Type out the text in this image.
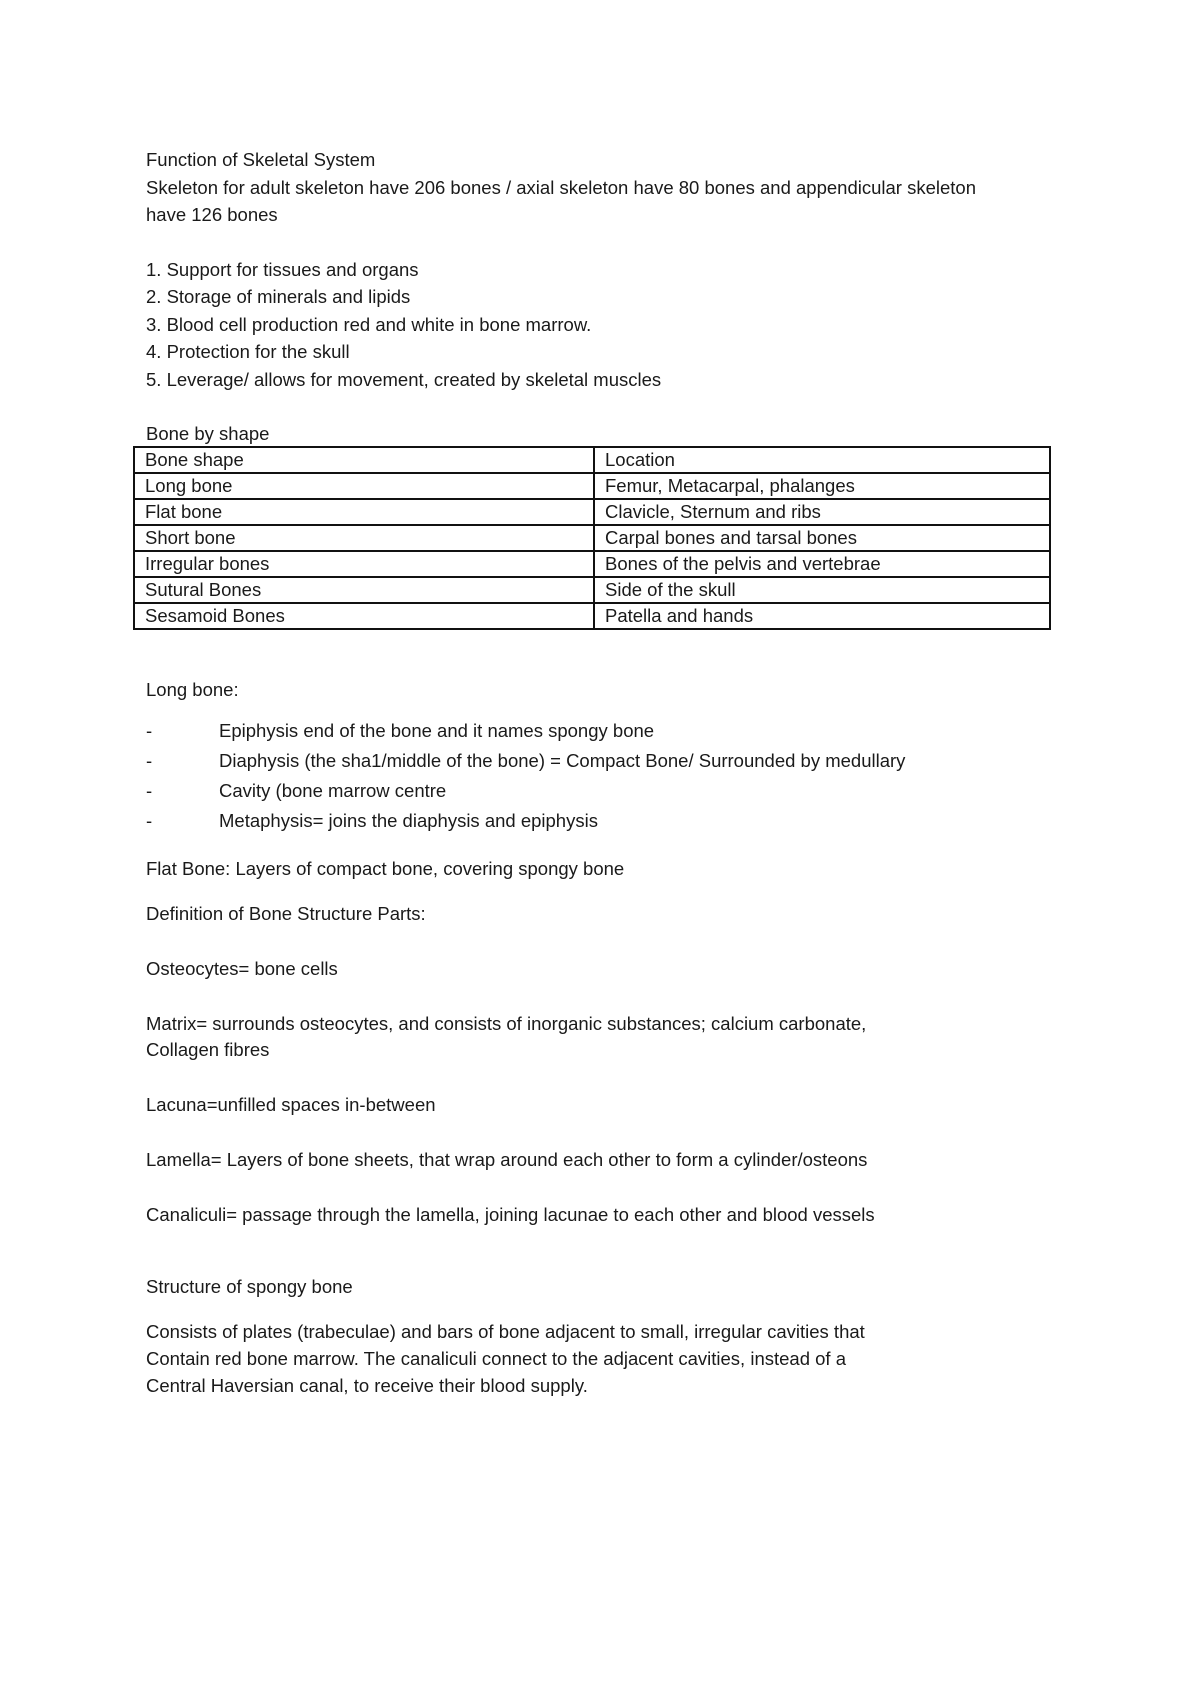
Function of Skeletal System
Skeleton for adult skeleton have 206 bones / axial skeleton have 80 bones and appendicular skeleton
have 126 bones
1. Support for tissues and organs
2. Storage of minerals and lipids
3. Blood cell production red and white in bone marrow.
4. Protection for the skull
5. Leverage/ allows for movement, created by skeletal muscles
Bone by shape
Bone shape	Location
Long bone	Femur, Metacarpal, phalanges
Flat bone	Clavicle, Sternum and ribs
Short bone	Carpal bones and tarsal bones
Irregular bones	Bones of the pelvis and vertebrae
Sutural Bones	Side of the skull
Sesamoid Bones	Patella and hands
Long bone:
-	Epiphysis end of the bone and it names spongy bone
-	Diaphysis (the sha1/middle of the bone) = Compact Bone/ Surrounded by medullary
-	Cavity (bone marrow centre
-	Metaphysis= joins the diaphysis and epiphysis
Flat Bone: Layers of compact bone, covering spongy bone
Definition of Bone Structure Parts:
Osteocytes= bone cells
Matrix= surrounds osteocytes, and consists of inorganic substances; calcium carbonate,
Collagen fibres
Lacuna=unfilled spaces in-between
Lamella= Layers of bone sheets, that wrap around each other to form a cylinder/osteons
Canaliculi= passage through the lamella, joining lacunae to each other and blood vessels
Structure of spongy bone
Consists of plates (trabeculae) and bars of bone adjacent to small, irregular cavities that
Contain red bone marrow. The canaliculi connect to the adjacent cavities, instead of a
Central Haversian canal, to receive their blood supply.
